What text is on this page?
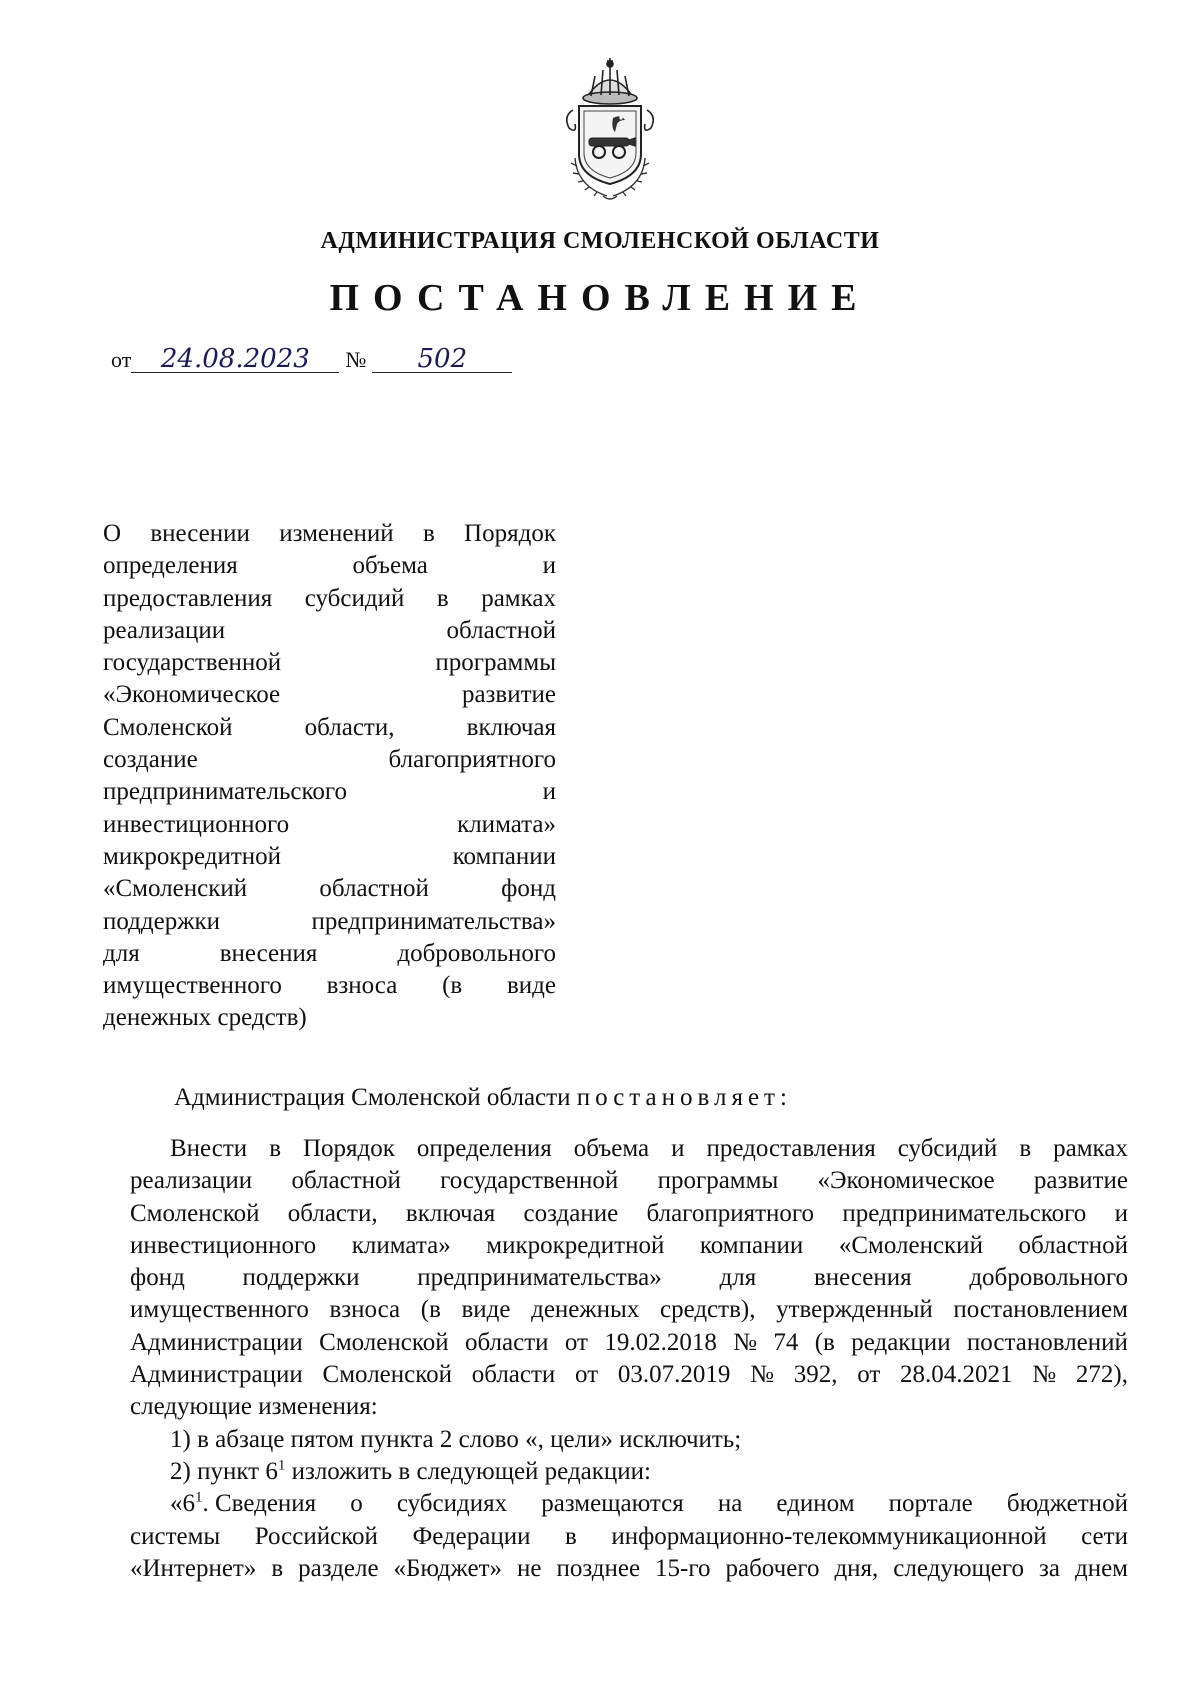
АДМИНИСТРАЦИЯ СМОЛЕНСКОЙ ОБЛАСТИ
ПОСТАНОВЛЕНИЕ
от 24.08.2023 № 502
О внесении изменений в Порядок
определения	объема	и
предоставления субсидий в рамках
реализации	областной
государственной	программы
«Экономическое	развитие
Смоленской	области,	включая
создание	благоприятного
предпринимательского	и
инвестиционного	климата»
микрокредитной	компании
«Смоленский	областной	фонд
поддержки	предпринимательства»
для	внесения	добровольного
имущественного взноса (в виде
денежных средств)
Администрация Смоленской области постановляет:
Внести в Порядок определения объема и предоставления субсидий в рамках
реализации областной государственной программы «Экономическое развитие
Смоленской области, включая создание благоприятного предпринимательского и
инвестиционного климата» микрокредитной компании «Смоленский областной
фонд поддержки предпринимательства» для внесения добровольного
имущественного взноса (в виде денежных средств), утвержденный постановлением
Администрации Смоленской области от 19.02.2018 № 74 (в редакции постановлений
Администрации Смоленской области от 03.07.2019 № 392, от 28.04.2021 № 272),
следующие изменения:
1) в абзаце пятом пункта 2 слово «, цели» исключить;
2) пункт $6^1$ изложить в следующей редакции:
«$6^1$. Сведения о субсидиях размещаются на едином портале бюджетной
системы Российской Федерации в информационно-телекоммуникационной сети
«Интернет» в разделе «Бюджет» не позднее 15-го рабочего дня, следующего за днем
